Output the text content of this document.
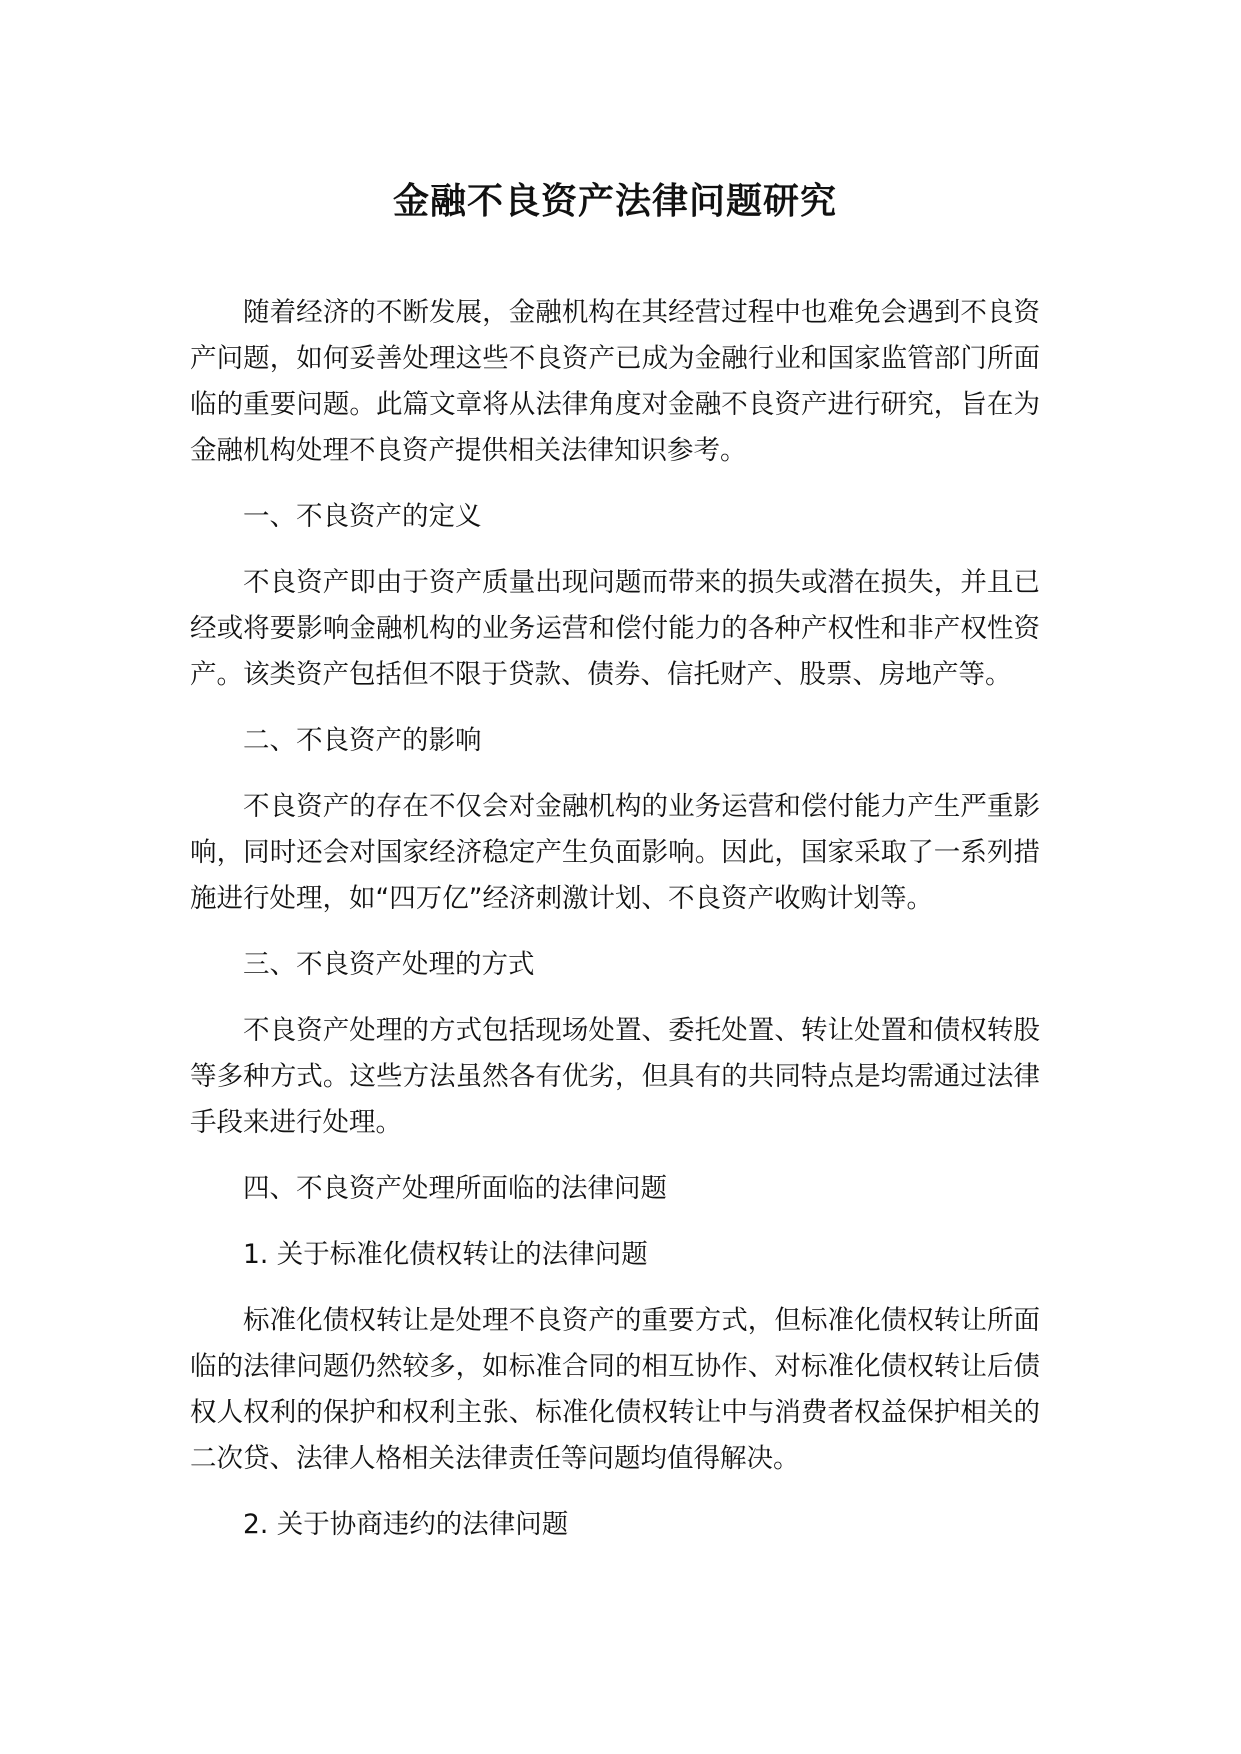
金融不良资产法律问题研究

随着经济的不断发展，金融机构在其经营过程中也难免会遇到不良资产问题，如何妥善处理这些不良资产已成为金融行业和国家监管部门所面临的重要问题。此篇文章将从法律角度对金融不良资产进行研究，旨在为金融机构处理不良资产提供相关法律知识参考。

一、不良资产的定义

不良资产即由于资产质量出现问题而带来的损失或潜在损失，并且已经或将要影响金融机构的业务运营和偿付能力的各种产权性和非产权性资产。该类资产包括但不限于贷款、债券、信托财产、股票、房地产等。

二、不良资产的影响

不良资产的存在不仅会对金融机构的业务运营和偿付能力产生严重影响，同时还会对国家经济稳定产生负面影响。因此，国家采取了一系列措施进行处理，如“四万亿”经济刺激计划、不良资产收购计划等。

三、不良资产处理的方式

不良资产处理的方式包括现场处置、委托处置、转让处置和债权转股等多种方式。这些方法虽然各有优劣，但具有的共同特点是均需通过法律手段来进行处理。

四、不良资产处理所面临的法律问题

1. 关于标准化债权转让的法律问题

标准化债权转让是处理不良资产的重要方式，但标准化债权转让所面临的法律问题仍然较多，如标准合同的相互协作、对标准化债权转让后债权人权利的保护和权利主张、标准化债权转让中与消费者权益保护相关的二次贷、法律人格相关法律责任等问题均值得解决。

2. 关于协商违约的法律问题
